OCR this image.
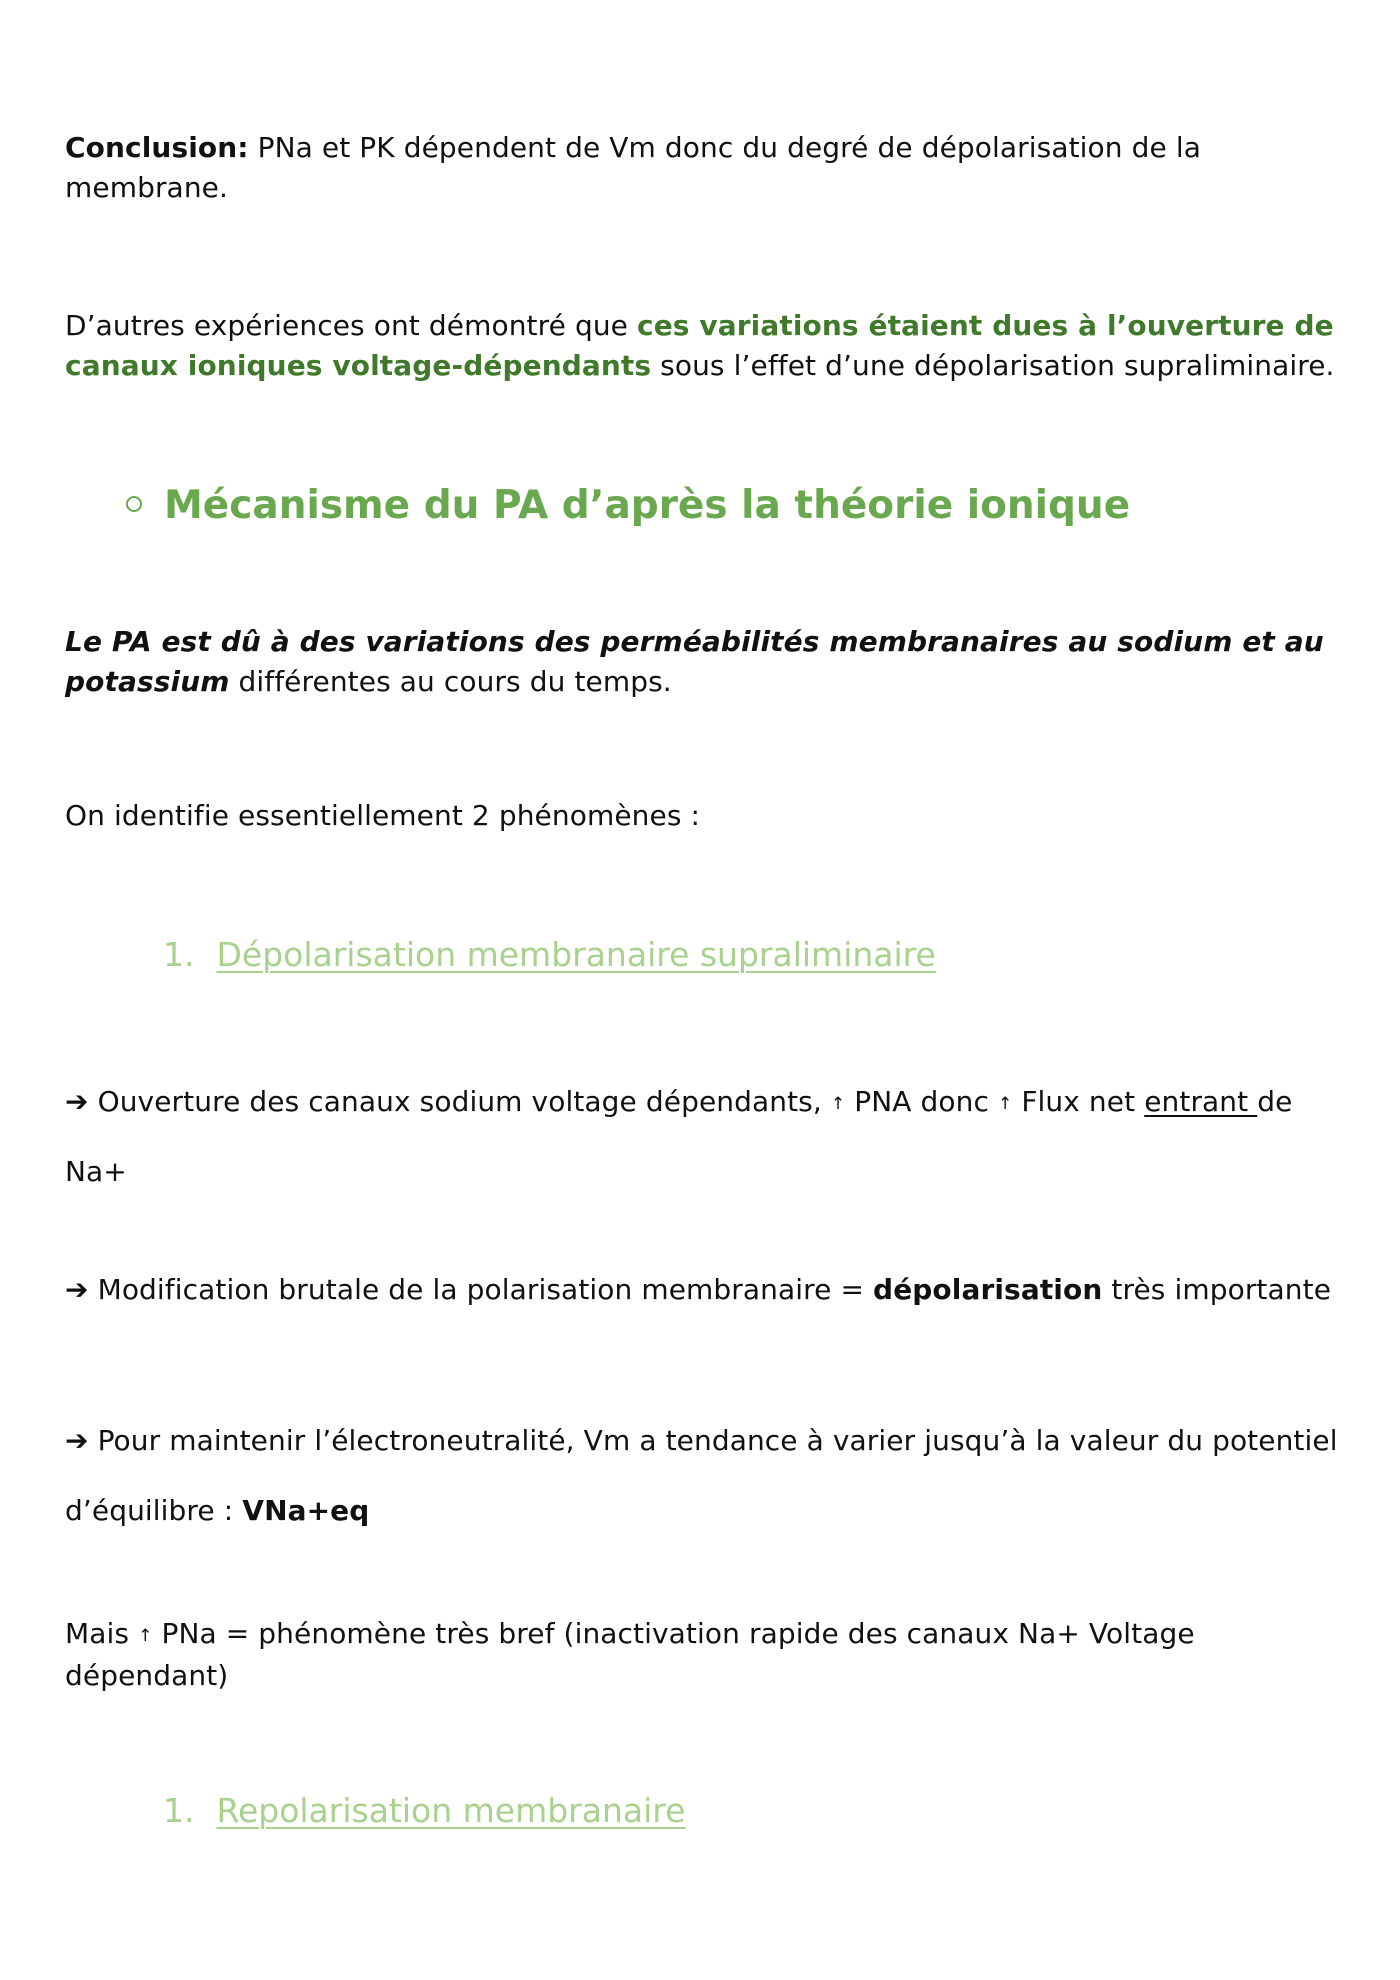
Conclusion: PNa et PK dépendent de Vm donc du degré de dépolarisation de la membrane.

D’autres expériences ont démontré que ces variations étaient dues à l’ouverture de canaux ioniques voltage-dépendants sous l’effet d’une dépolarisation supraliminaire.

Mécanisme du PA d’après la théorie ionique

Le PA est dû à des variations des perméabilités membranaires au sodium et au potassium différentes au cours du temps.

On identifie essentiellement 2 phénomènes :

1. Dépolarisation membranaire supraliminaire

➔ Ouverture des canaux sodium voltage dépendants, ↑ PNA donc ↑ Flux net entrant de
Na+

➔ Modification brutale de la polarisation membranaire = dépolarisation très importante

➔ Pour maintenir l’électroneutralité, Vm a tendance à varier jusqu’à la valeur du potentiel
d’équilibre : VNa+eq

Mais ↑ PNa = phénomène très bref (inactivation rapide des canaux Na+ Voltage dépendant)

1. Repolarisation membranaire
